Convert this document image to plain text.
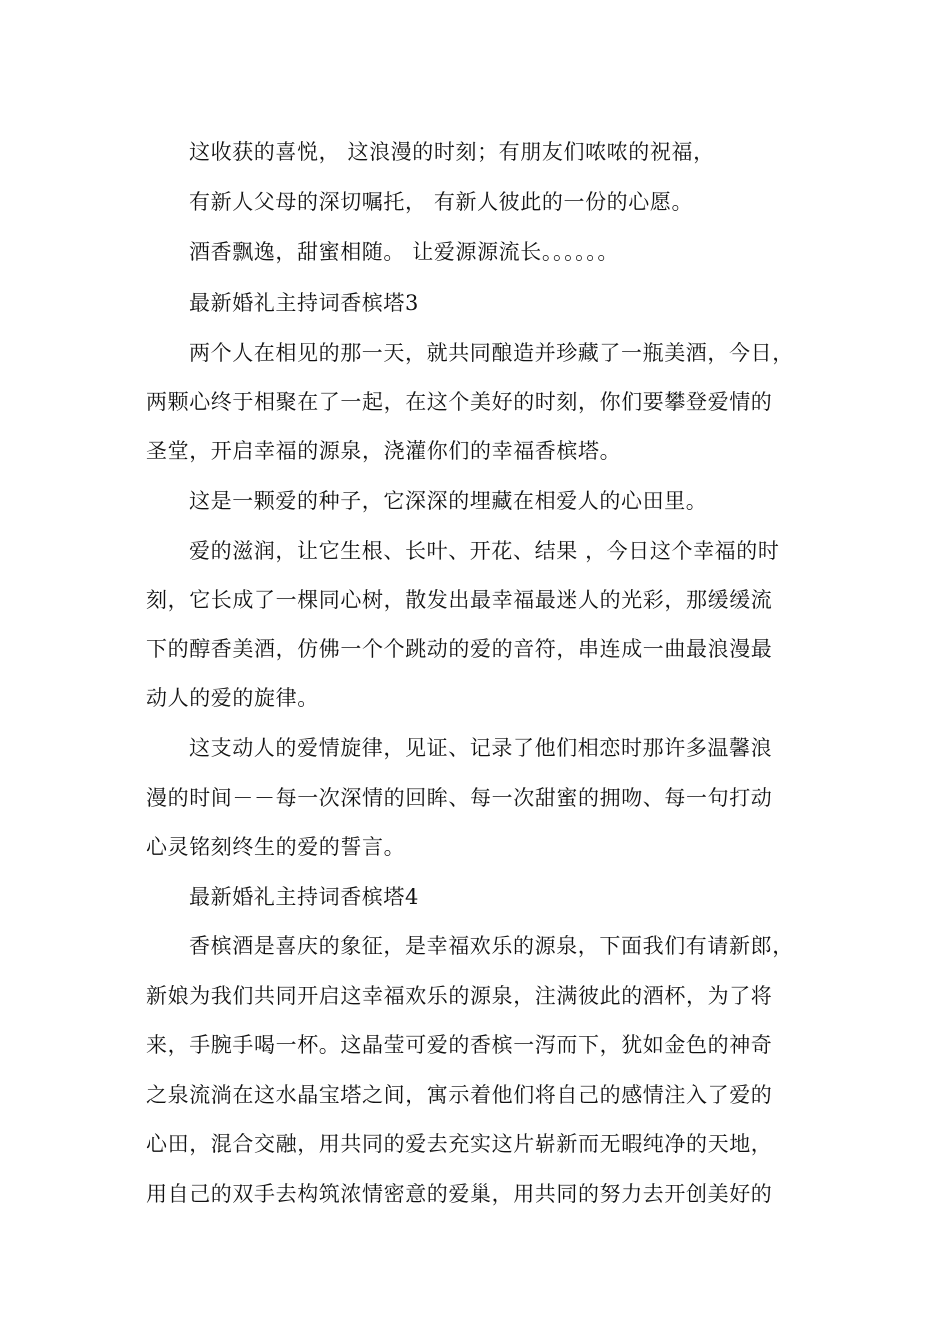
这收获的喜悦， 这浪漫的时刻；有朋友们哝哝的祝福，

有新人父母的深切嘱托， 有新人彼此的一份的心愿。

酒香飘逸，甜蜜相随。 让爱源源流长。。。。。。

最新婚礼主持词香槟塔3

两个人在相见的那一天，就共同酿造并珍藏了一瓶美酒，今日，

两颗心终于相聚在了一起，在这个美好的时刻，你们要攀登爱情的

圣堂，开启幸福的源泉，浇灌你们的幸福香槟塔。

这是一颗爱的种子，它深深的埋藏在相爱人的心田里。

爱的滋润，让它生根、长叶、开花、结果 ，今日这个幸福的时

刻，它长成了一棵同心树，散发出最幸福最迷人的光彩，那缓缓流

下的醇香美酒，仿佛一个个跳动的爱的音符，串连成一曲最浪漫最

动人的爱的旋律。

这支动人的爱情旋律，见证、记录了他们相恋时那许多温馨浪

漫的时间－－每一次深情的回眸、每一次甜蜜的拥吻、每一句打动

心灵铭刻终生的爱的誓言。

最新婚礼主持词香槟塔4

香槟酒是喜庆的象征，是幸福欢乐的源泉，下面我们有请新郎，

新娘为我们共同开启这幸福欢乐的源泉，注满彼此的酒杯，为了将

来，手腕手喝一杯。这晶莹可爱的香槟一泻而下，犹如金色的神奇

之泉流淌在这水晶宝塔之间，寓示着他们将自己的感情注入了爱的

心田，混合交融，用共同的爱去充实这片崭新而无暇纯净的天地，

用自己的双手去构筑浓情密意的爱巢，用共同的努力去开创美好的
